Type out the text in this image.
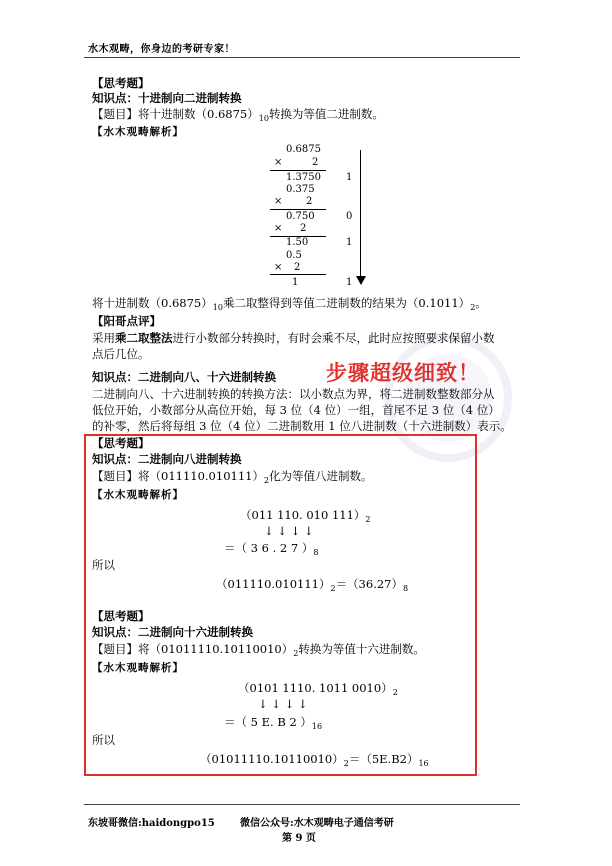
水木观畴，你身边的考研专家！
【思考题】
知识点：十进制向二进制转换
【题目】将十进制数$(0.6875)_{10}$转换为等值二进制数。
【水木观畴解析】
0.6875
×	2
1.3750	1
0.375
× 2
0.750	0
× 2
1.50	1
0.5
× 2
1	1
将十进制数$(0.6875)_{10}$乘二取整得到等值二进制数的结果为$(0.1011)_2$。
【阳哥点评】
采用乘二取整法进行小数部分转换时，有时会乘不尽，此时应按照要求保留小数
点后几位。
知识点：二进制向八、十六进制转换 步骤超级细致！
二进制向八、十六进制转换的转换方法：以小数点为界，将二进制数整数部分从
低位开始，小数部分从高位开始，每 3 位（4 位）一组，首尾不足 3 位（4 位）
的补零，然后将每组 3 位（4 位）二进制数用 1 位八进制数（十六进制数）表示。
【思考题】
知识点：二进制向八进制转换
【题目】将$(011110.010111)_2$化为等值八进制数。
【水木观畴解析】
（011 110. 010 $111)_2$
↓ ↓ ↓ ↓
＝（ 3 6 . 2 7 ）$_8$
所以
$(011110.010111)_2=(36.27)_8$
【思考题】
知识点：二进制向十六进制转换
【题目】将$(01011110.10110010)_2$转换为等值十六进制数。
【水木观畴解析】
（0101 1110. 1011 $0010)_2$
↓ ↓ ↓ ↓
＝（ 5 E. B 2 ）$_{16}$
所以
$(01011110.10110010)_2=(5E.B2)_{16}$
东坡哥微信:haidongpo15	微信公众号:水木观畴电子通信考研
第 9 页
